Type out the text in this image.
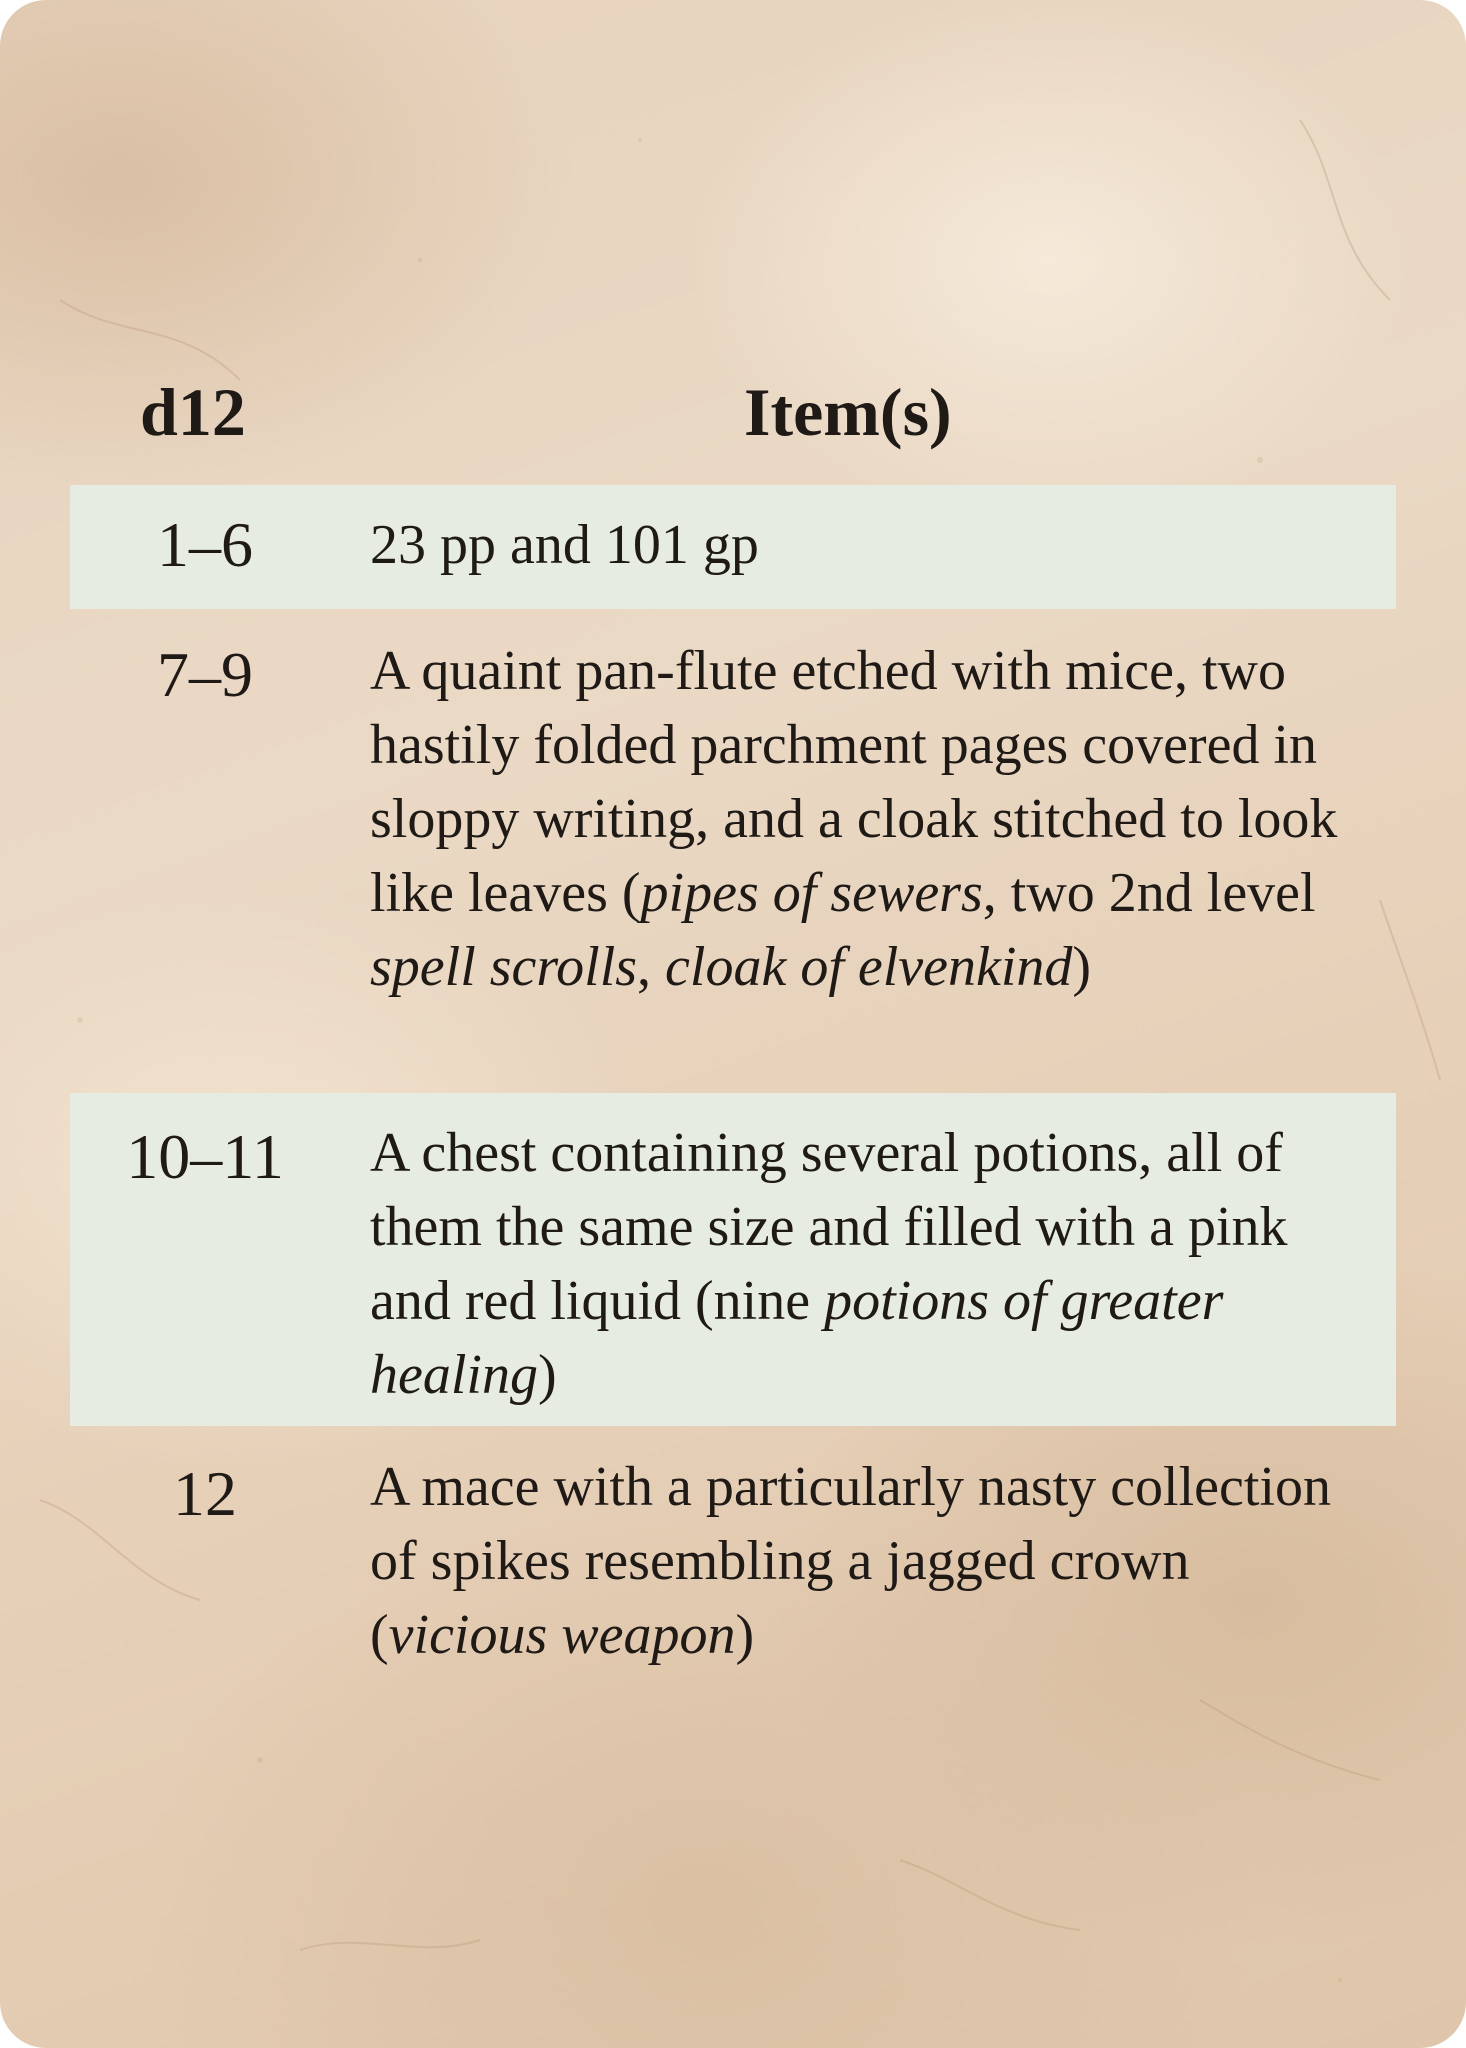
d12	Item(s)
1–6	23 pp and 101 gp
7–9	A quaint pan-flute etched with mice, two hastily folded parchment pages covered in sloppy writing, and a cloak stitched to look like leaves (pipes of sewers, two 2nd level spell scrolls, cloak of elvenkind)
10–11	A chest containing several potions, all of them the same size and filled with a pink and red liquid (nine potions of greater healing)
12	A mace with a particularly nasty collection of spikes resembling a jagged crown (vicious weapon)
